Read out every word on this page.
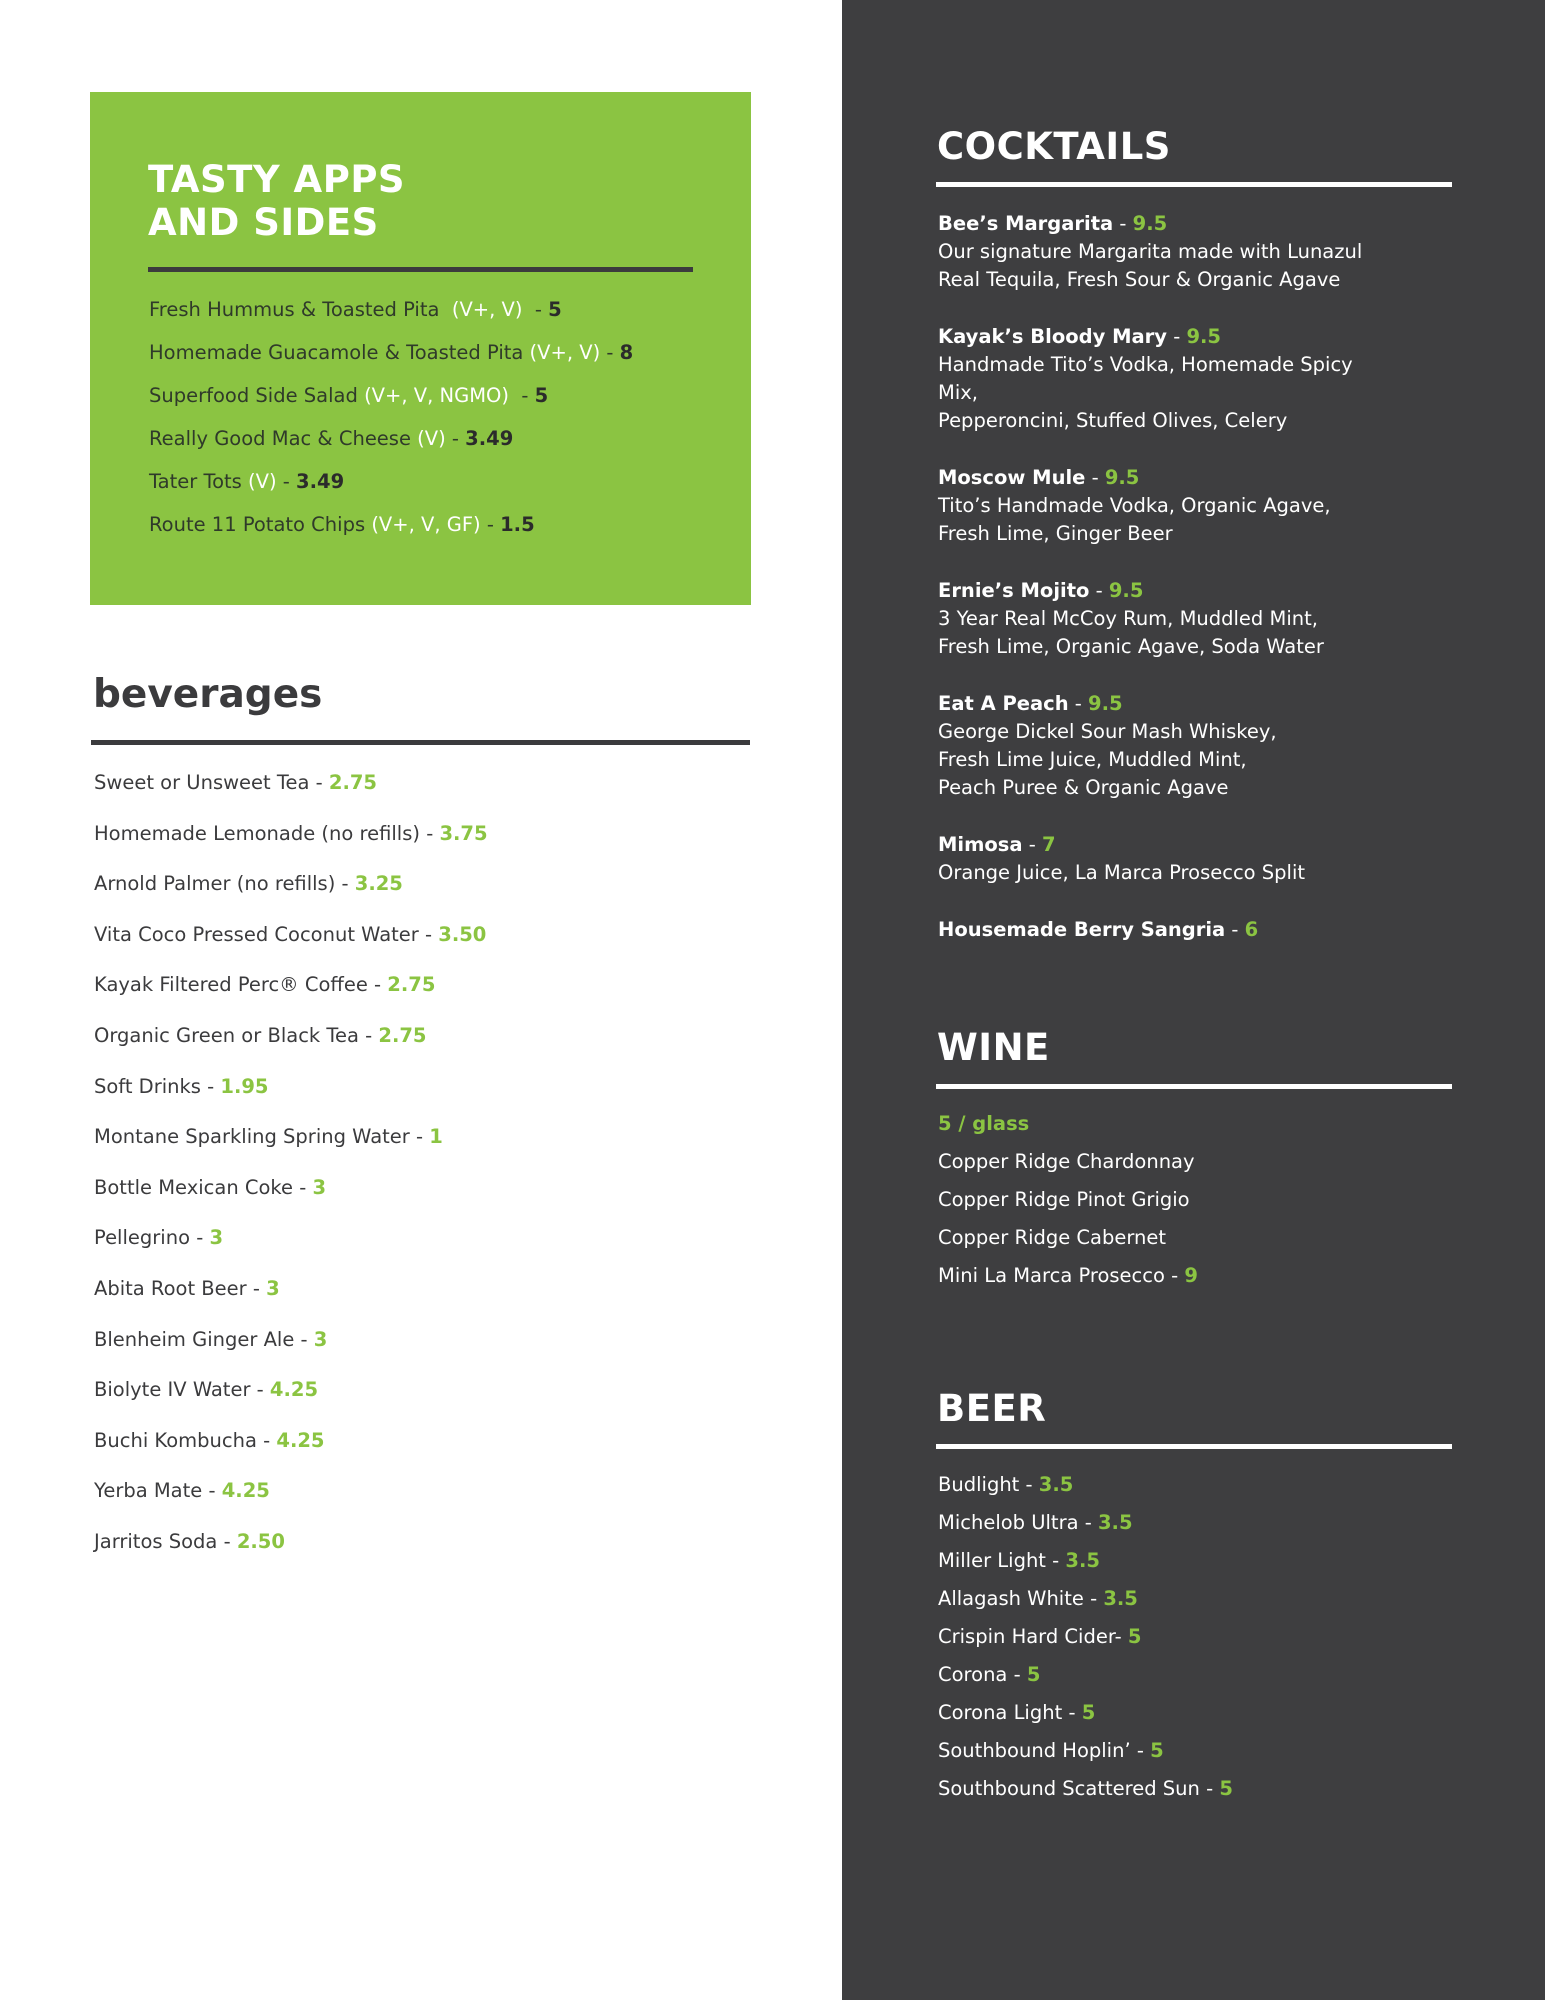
TASTY APPS
AND SIDES
Fresh Hummus & Toasted Pita (V+, V)  - 5
Homemade Guacamole & Toasted Pita (V+, V) - 8
Superfood Side Salad (V+, V, NGMO)  - 5
Really Good Mac & Cheese (V) - 3.49
Tater Tots (V) - 3.49
Route 11 Potato Chips (V+, V, GF) - 1.5
beverages
Sweet or Unsweet Tea - 2.75
Homemade Lemonade (no refills) - 3.75
Arnold Palmer (no refills) - 3.25
Vita Coco Pressed Coconut Water - 3.50
Kayak Filtered Perc® Coffee - 2.75
Organic Green or Black Tea - 2.75
Soft Drinks - 1.95
Montane Sparkling Spring Water - 1
Bottle Mexican Coke - 3
Pellegrino - 3
Abita Root Beer - 3
Blenheim Ginger Ale - 3
Biolyte IV Water - 4.25
Buchi Kombucha - 4.25
Yerba Mate - 4.25
Jarritos Soda - 2.50
COCKTAILS
Bee’s Margarita - 9.5
Our signature Margarita made with Lunazul
Real Tequila, Fresh Sour & Organic Agave
Kayak’s Bloody Mary - 9.5
Handmade Tito’s Vodka, Homemade Spicy
Mix,
Pepperoncini, Stuffed Olives, Celery
Moscow Mule - 9.5
Tito’s Handmade Vodka, Organic Agave,
Fresh Lime, Ginger Beer
Ernie’s Mojito - 9.5
3 Year Real McCoy Rum, Muddled Mint,
Fresh Lime, Organic Agave, Soda Water
Eat A Peach - 9.5
George Dickel Sour Mash Whiskey,
Fresh Lime Juice, Muddled Mint,
Peach Puree & Organic Agave
Mimosa - 7
Orange Juice, La Marca Prosecco Split
Housemade Berry Sangria - 6
WINE
5 / glass
Copper Ridge Chardonnay
Copper Ridge Pinot Grigio
Copper Ridge Cabernet
Mini La Marca Prosecco - 9
BEER
Budlight - 3.5
Michelob Ultra - 3.5
Miller Light - 3.5
Allagash White - 3.5
Crispin Hard Cider- 5
Corona - 5
Corona Light - 5
Southbound Hoplin’ - 5
Southbound Scattered Sun - 5
